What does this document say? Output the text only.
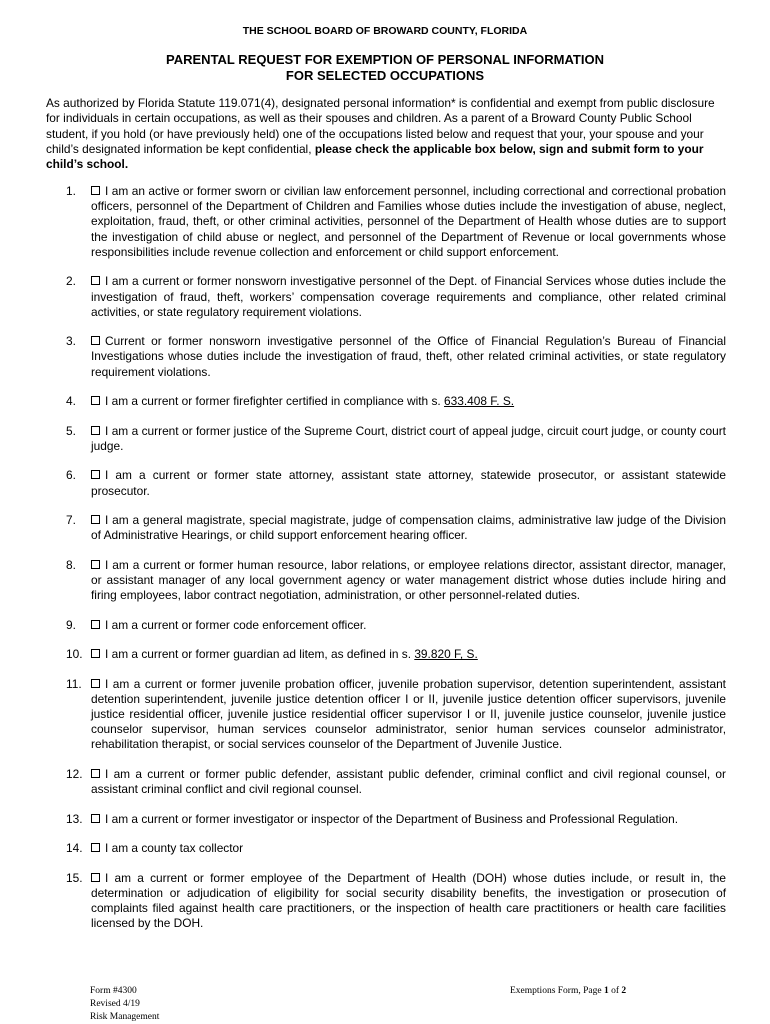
THE SCHOOL BOARD OF BROWARD COUNTY, FLORIDA
PARENTAL REQUEST FOR EXEMPTION OF PERSONAL INFORMATION
FOR SELECTED OCCUPATIONS

As authorized by Florida Statute 119.071(4), designated personal information* is confidential and exempt from public disclosure for individuals in certain occupations, as well as their spouses and children. As a parent of a Broward County Public School student, if you hold (or have previously held) one of the occupations listed below and request that your, your spouse and your child’s designated information be kept confidential, please check the applicable box below, sign and submit form to your child’s school.

1.	I am an active or former sworn or civilian law enforcement personnel, including correctional and correctional probation officers, personnel of the Department of Children and Families whose duties include the investigation of abuse, neglect, exploitation, fraud, theft, or other criminal activities, personnel of the Department of Health whose duties are to support the investigation of child abuse or neglect, and personnel of the Department of Revenue or local governments whose responsibilities include revenue collection and enforcement or child support enforcement.
2.	I am a current or former nonsworn investigative personnel of the Dept. of Financial Services whose duties include the investigation of fraud, theft, workers’ compensation coverage requirements and compliance, other related criminal activities, or state regulatory requirement violations.
3.	Current or former nonsworn investigative personnel of the Office of Financial Regulation’s Bureau of Financial Investigations whose duties include the investigation of fraud, theft, other related criminal activities, or state regulatory requirement violations.
4.	I am a current or former firefighter certified in compliance with s. 633.408 F. S.
5.	I am a current or former justice of the Supreme Court, district court of appeal judge, circuit court judge, or county court judge.
6.	I am a current or former state attorney, assistant state attorney, statewide prosecutor, or assistant statewide prosecutor.
7.	I am a general magistrate, special magistrate, judge of compensation claims, administrative law judge of the Division of Administrative Hearings, or child support enforcement hearing officer.
8.	I am a current or former human resource, labor relations, or employee relations director, assistant director, manager, or assistant manager of any local government agency or water management district whose duties include hiring and firing employees, labor contract negotiation, administration, or other personnel-related duties.
9.	I am a current or former code enforcement officer.
10.	I am a current or former guardian ad litem, as defined in s. 39.820 F, S.
11.	I am a current or former juvenile probation officer, juvenile probation supervisor, detention superintendent, assistant detention superintendent, juvenile justice detention officer I or II, juvenile justice detention officer supervisors, juvenile justice residential officer, juvenile justice residential officer supervisor I or II, juvenile justice counselor, juvenile justice counselor supervisor, human services counselor administrator, senior human services counselor administrator, rehabilitation therapist, or social services counselor of the Department of Juvenile Justice.
12.	I am a current or former public defender, assistant public defender, criminal conflict and civil regional counsel, or assistant criminal conflict and civil regional counsel.
13.	I am a current or former investigator or inspector of the Department of Business and Professional Regulation.
14.	I am a county tax collector
15.	I am a current or former employee of the Department of Health (DOH) whose duties include, or result in, the determination or adjudication of eligibility for social security disability benefits, the investigation or prosecution of complaints filed against health care practitioners, or the inspection of health care practitioners or health care facilities licensed by the DOH.
Form #4300
Revised 4/19
Risk Management
Exemptions Form, Page 1 of 2
